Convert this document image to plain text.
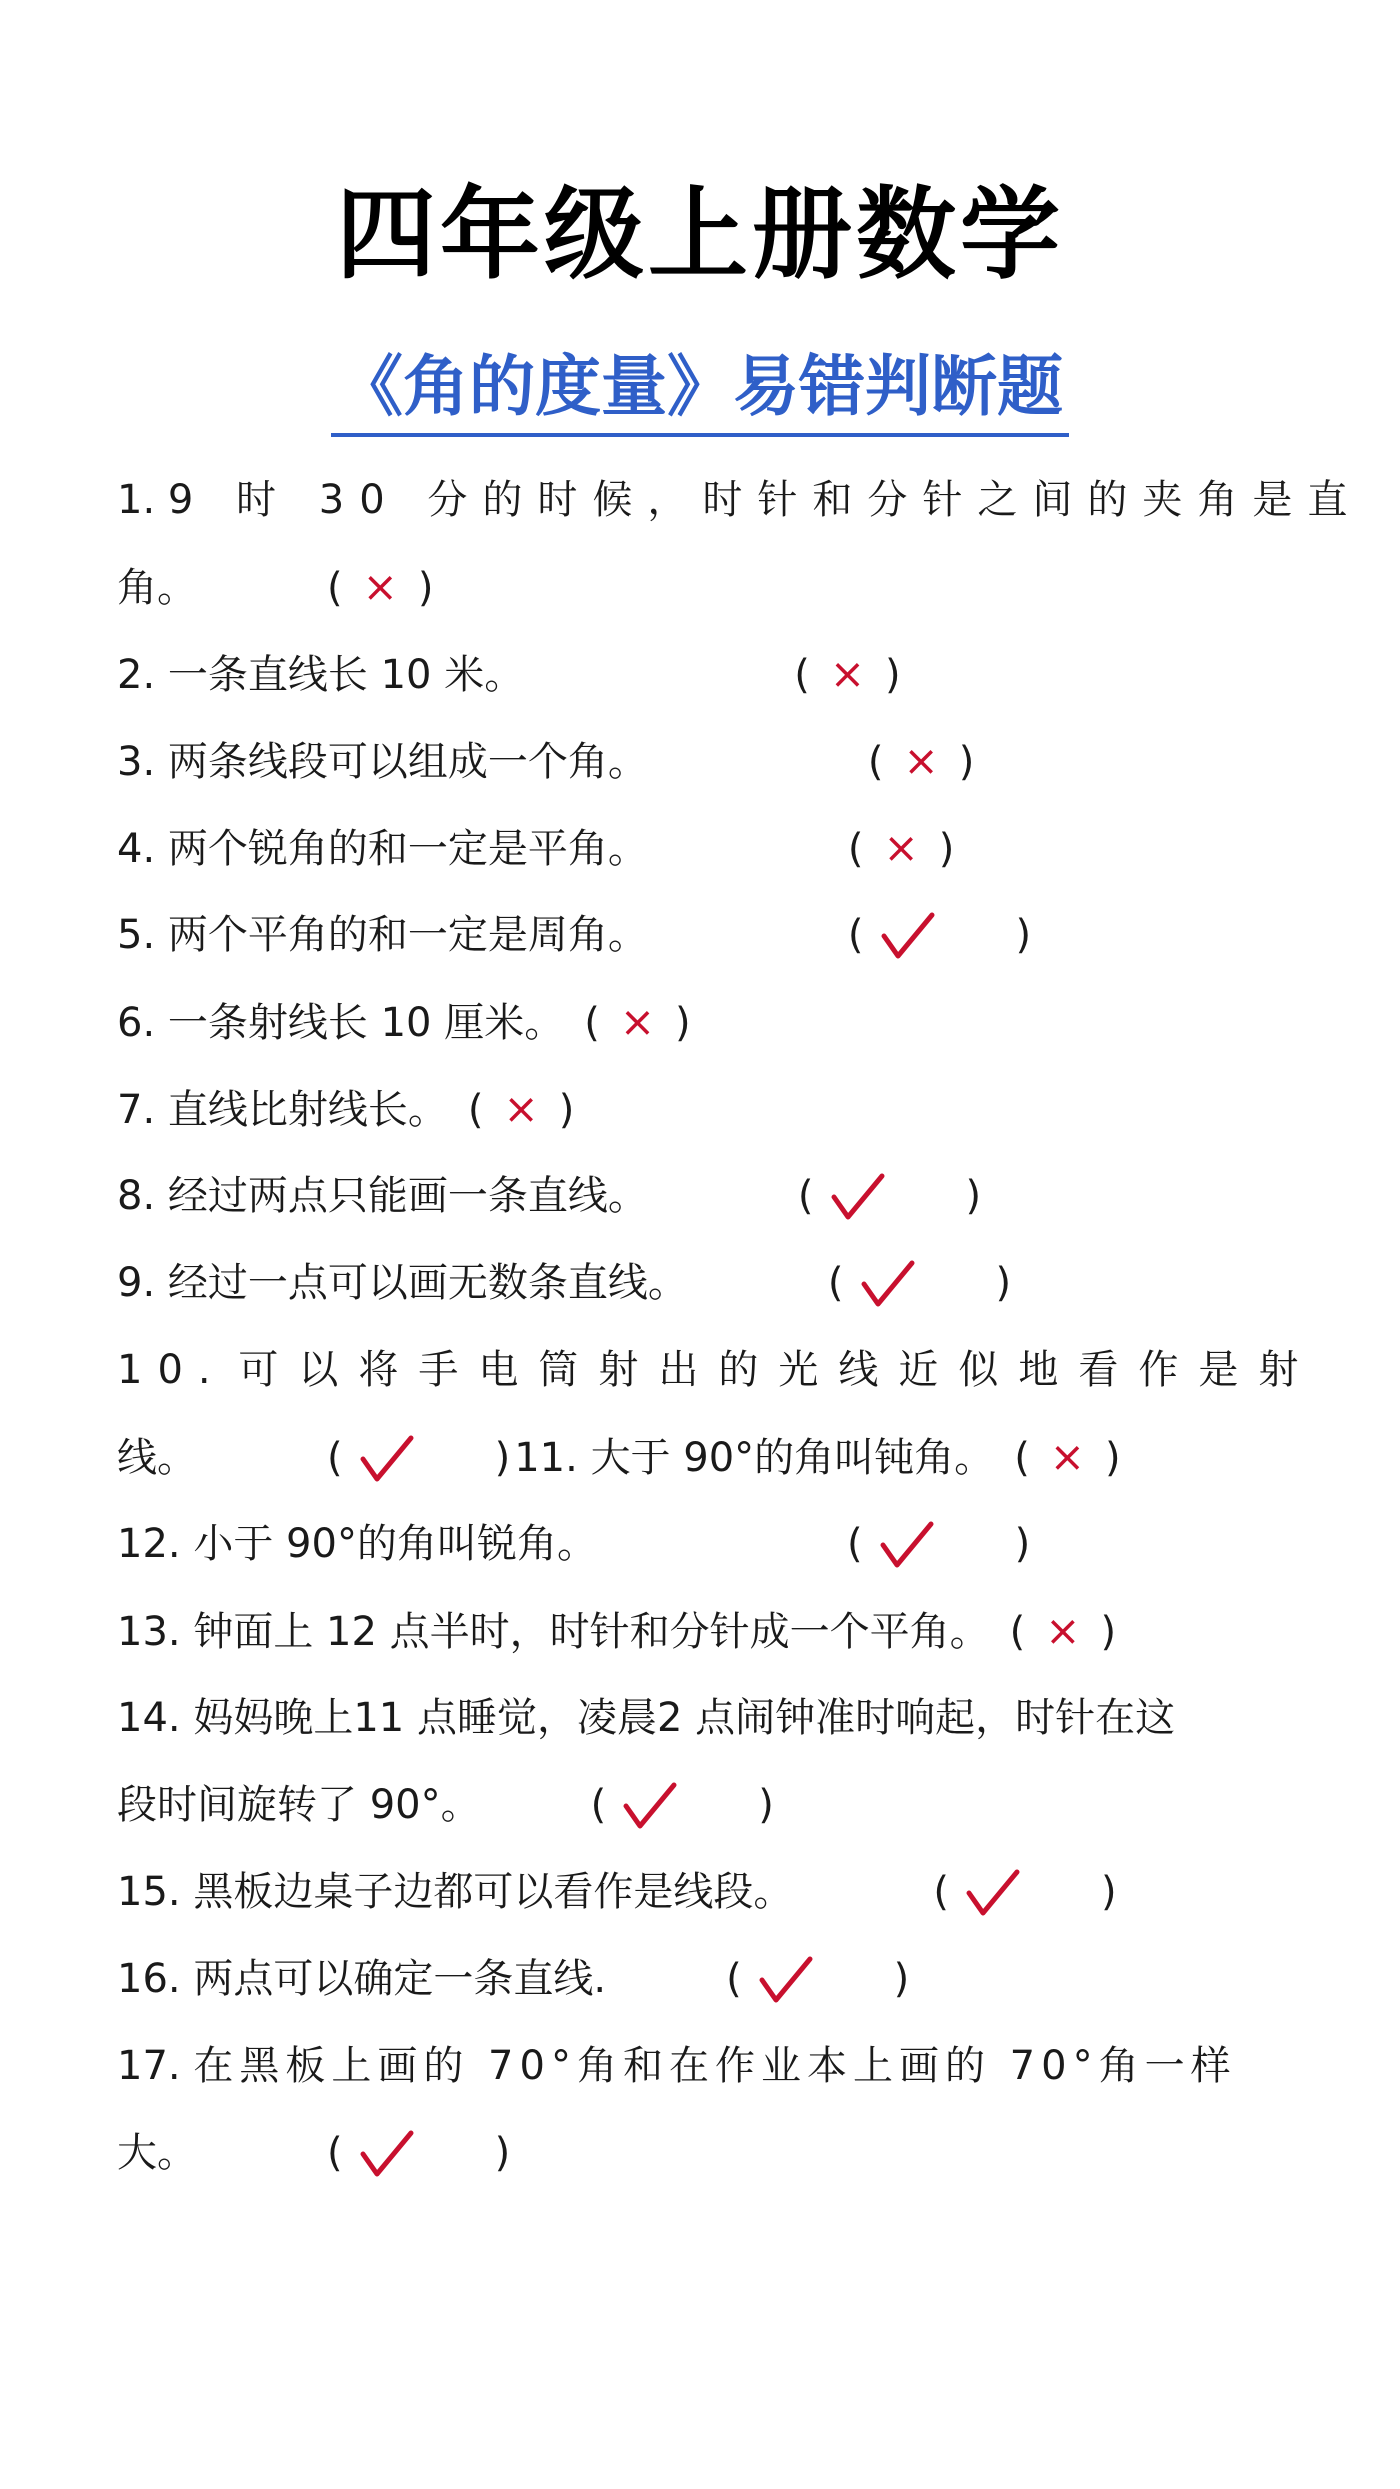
四年级上册数学
《角的度量》易错判断题
1. 9 时 30 分的时候，时针和分针之间的夹角是直
角。	( × )
2. 一条直线长 10 米。	( × )
3. 两条线段可以组成一个角。	( × )
4. 两个锐角的和一定是平角。	( × )
5. 两个平角的和一定是周角。	(	)
6. 一条射线长 10 厘米。 ( × )
7. 直线比射线长。 ( × )
8. 经过两点只能画一条直线。	(	)
9. 经过一点可以画无数条直线。	(	)
10. 可以将手电筒射出的光线近似地看作是射
线。	(	) 11. 大于 90°的角叫钝角。 ( × )
12. 小于 90°的角叫锐角。	(	)
13. 钟面上 12 点半时，时针和分针成一个平角。 ( × )
14. 妈妈晚上11 点睡觉，凌晨2 点闹钟准时响起，时针在这
段时间旋转了 90°。	(	)
15. 黑板边桌子边都可以看作是线段。	(	)
16. 两点可以确定一条直线.	(	)
17. 在黑板上画的 70°角和在作业本上画的 70°角一样
大。	(	)
